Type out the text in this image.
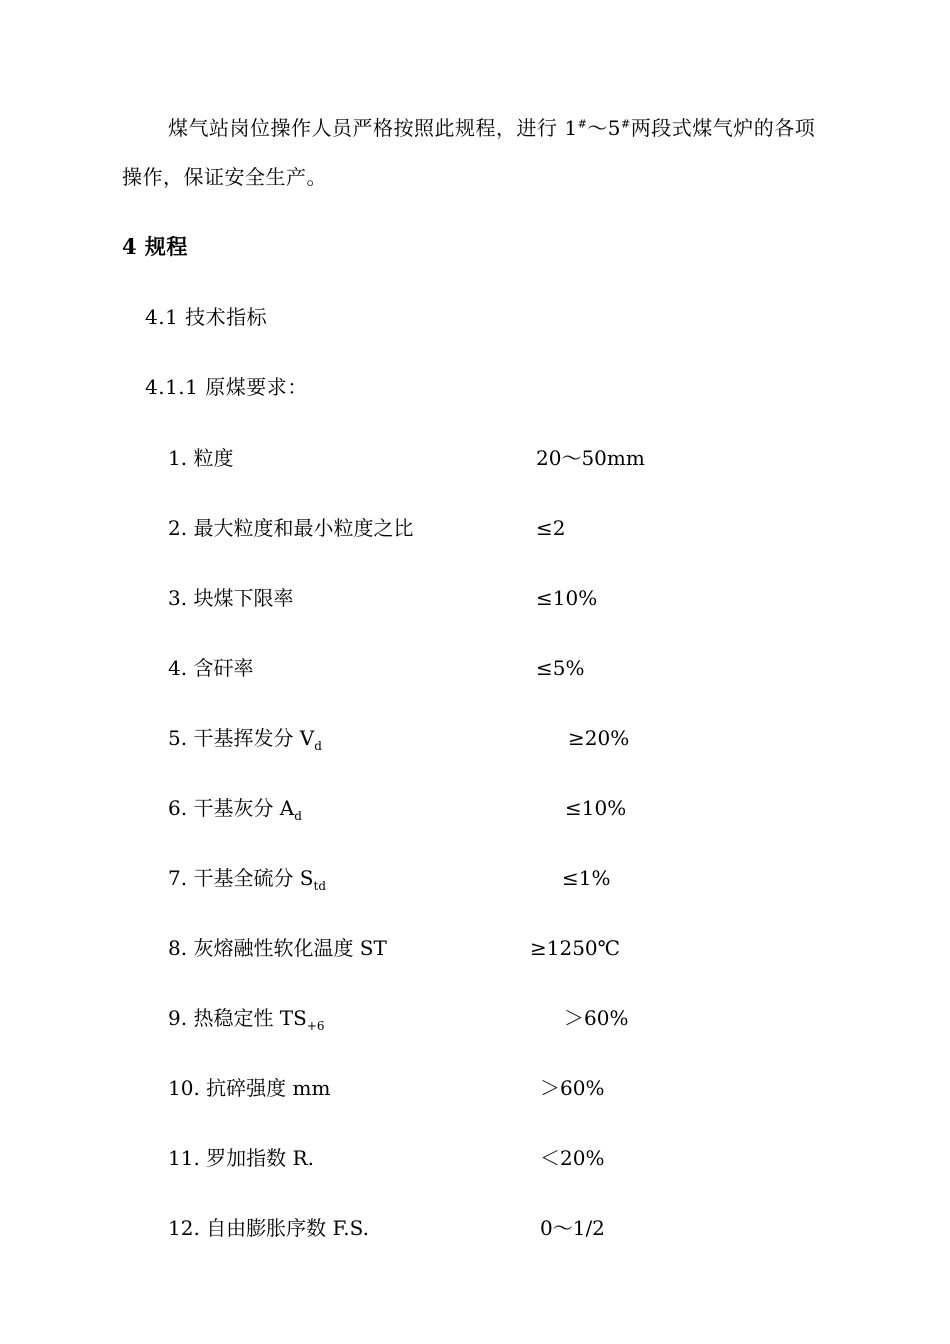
煤气站岗位操作人员严格按照此规程，进行 1#～5#两段式煤气炉的各项
操作，保证安全生产。
4 规程
4.1 技术指标
4.1.1 原煤要求：
1. 粒度	20～50mm
2. 最大粒度和最小粒度之比	≤2
3. 块煤下限率	≤10%
4. 含矸率	≤5%
5. 干基挥发分 $V_d$	≥20%
6. 干基灰分 $A_d$	≤10%
7. 干基全硫分 $S_{td}$	≤1%
8. 灰熔融性软化温度 ST	≥1250℃
9. 热稳定性 $TS_{+6}$	＞60%
10. 抗碎强度 mm	＞60%
11. 罗加指数 R.	＜20%
12. 自由膨胀序数 F.S.	0～1/2
